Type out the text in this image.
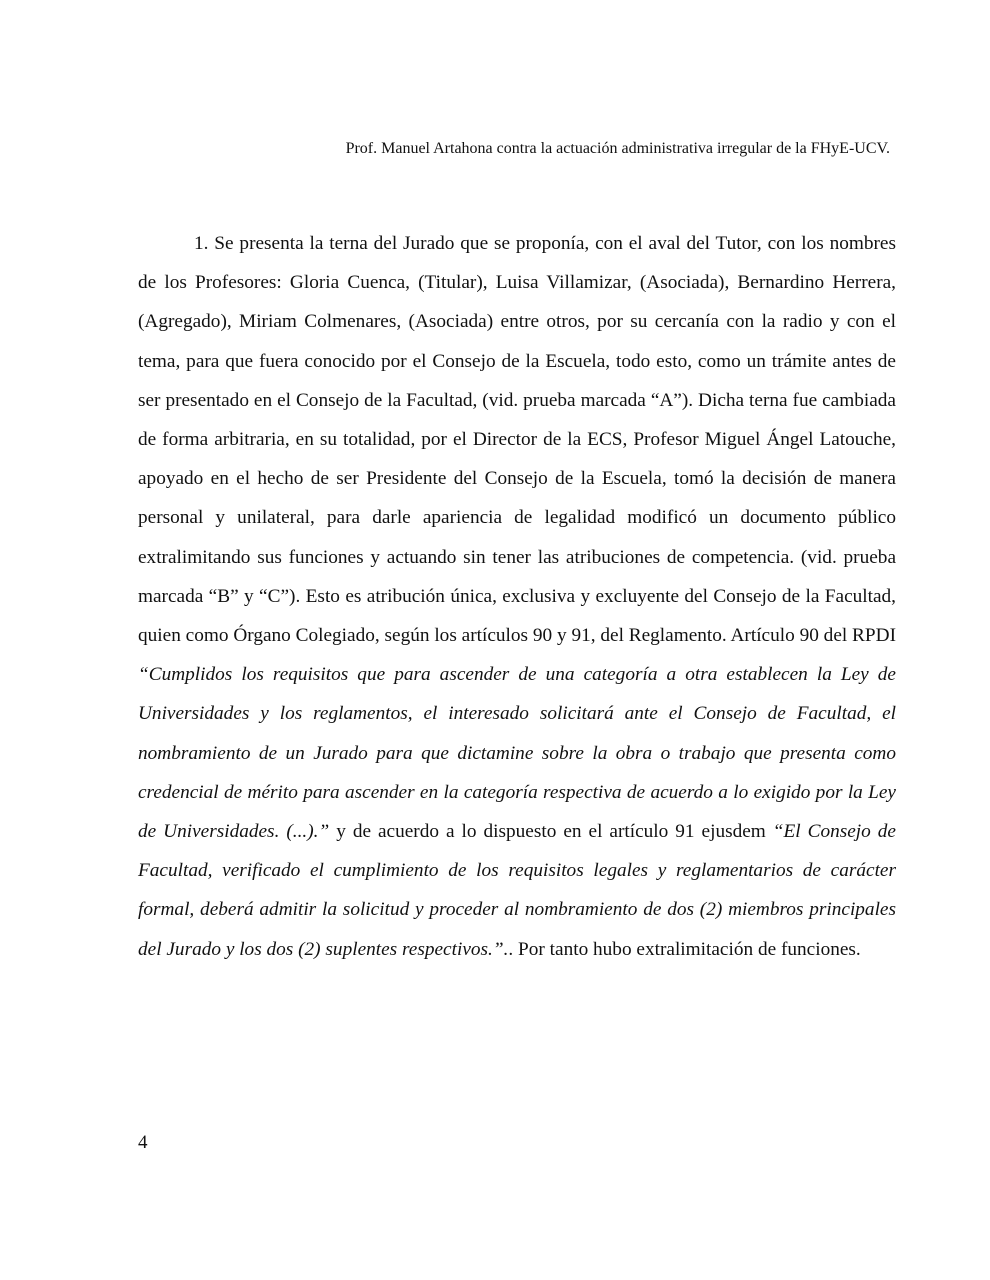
Prof. Manuel Artahona contra la actuación administrativa irregular de la FHyE-UCV.

1. Se presenta la terna del Jurado que se proponía, con el aval del Tutor, con los nombres de los Profesores: Gloria Cuenca, (Titular), Luisa Villamizar, (Asociada), Bernardino Herrera, (Agregado), Miriam Colmenares, (Asociada) entre otros, por su cercanía con la radio y con el tema, para que fuera conocido por el Consejo de la Escuela, todo esto, como un trámite antes de ser presentado en el Consejo de la Facultad, (vid. prueba marcada “A”). Dicha terna fue cambiada de forma arbitraria, en su totalidad, por el Director de la ECS, Profesor Miguel Ángel Latouche, apoyado en el hecho de ser Presidente del Consejo de la Escuela, tomó la decisión de manera personal y unilateral, para darle apariencia de legalidad modificó un documento público extralimitando sus funciones y actuando sin tener las atribuciones de competencia. (vid. prueba marcada “B” y “C”). Esto es atribución única, exclusiva y excluyente del Consejo de la Facultad, quien como Órgano Colegiado, según los artículos 90 y 91, del Reglamento. Artículo 90 del RPDI “Cumplidos los requisitos que para ascender de una categoría a otra establecen la Ley de Universidades y los reglamentos, el interesado solicitará ante el Consejo de Facultad, el nombramiento de un Jurado para que dictamine sobre la obra o trabajo que presenta como credencial de mérito para ascender en la categoría respectiva de acuerdo a lo exigido por la Ley de Universidades. (...).” y de acuerdo a lo dispuesto en el artículo 91 ejusdem “El Consejo de Facultad, verificado el cumplimiento de los requisitos legales y reglamentarios de carácter formal, deberá admitir la solicitud y proceder al nombramiento de dos (2) miembros principales del Jurado y los dos (2) suplentes respectivos.”.. Por tanto hubo extralimitación de funciones.

4
